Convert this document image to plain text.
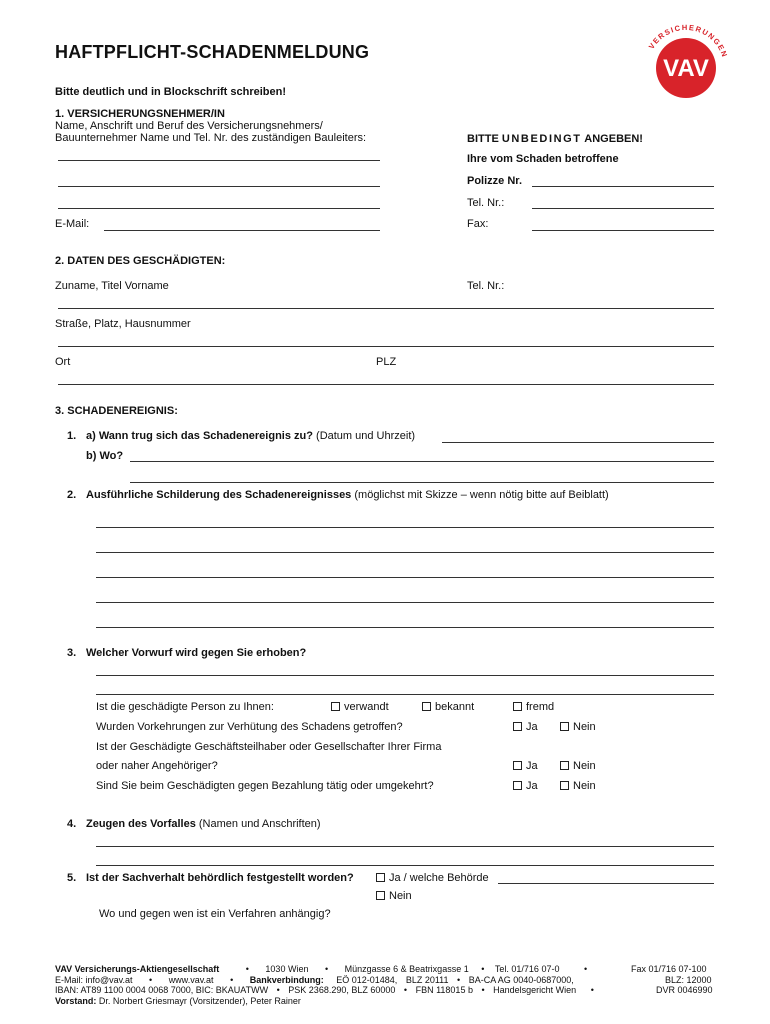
VAV
VERSICHERUNGEN
HAFTPFLICHT-SCHADENMELDUNG
Bitte deutlich und in Blockschrift schreiben!
1. VERSICHERUNGSNEHMER/IN
Name, Anschrift und Beruf des Versicherungsnehmers/
Bauunternehmer Name und Tel. Nr. des zuständigen Bauleiters:
E-Mail:
BITTE UNBEDINGT ANGEBEN!
Ihre vom Schaden betroffene
Polizze Nr.
Tel. Nr.:
Fax:
2. DATEN DES GESCHÄDIGTEN:
Zuname, Titel Vorname	Tel. Nr.:
Straße, Platz, Hausnummer
Ort	PLZ
3. SCHADENEREIGNIS:
1. a) Wann trug sich das Schadenereignis zu? (Datum und Uhrzeit)
b) Wo?
2. Ausführliche Schilderung des Schadenereignisses (möglichst mit Skizze – wenn nötig bitte auf Beiblatt)
3. Welcher Vorwurf wird gegen Sie erhoben?
Ist die geschädigte Person zu Ihnen:	verwandt	bekannt	fremd
Wurden Vorkehrungen zur Verhütung des Schadens getroffen?	Ja	Nein
Ist der Geschädigte Geschäftsteilhaber oder Gesellschafter Ihrer Firma
oder naher Angehöriger?	Ja	Nein
Sind Sie beim Geschädigten gegen Bezahlung tätig oder umgekehrt?	Ja	Nein
4. Zeugen des Vorfalles (Namen und Anschriften)
5. Ist der Sachverhalt behördlich festgestellt worden?	Ja / welche Behörde
Nein
Wo und gegen wen ist ein Verfahren anhängig?
VAV Versicherungs-Aktiengesellschaft	• 1030 Wien • Münzgasse 6 & Beatrixgasse 1 • Tel. 01/716 07-0	•	Fax 01/716 07-100
E-Mail: info@vav.at • www.vav.at • Bankverbindung: EÖ 012-01484, BLZ 20111 • BA-CA AG 0040-0687000,	BLZ: 12000
IBAN: AT89 1100 0004 0068 7000, BIC: BKAUATWW • PSK 2368.290, BLZ 60000 • FBN 118015 b • Handelsgericht Wien •	DVR 0046990
Vorstand: Dr. Norbert Griesmayr (Vorsitzender), Peter Rainer
